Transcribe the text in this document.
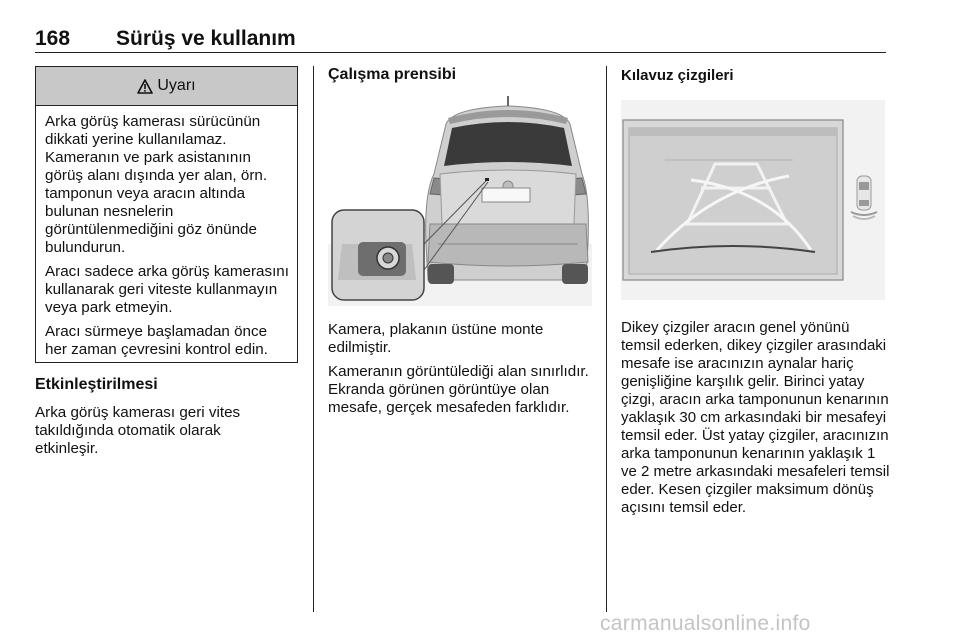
168 Sürüş ve kullanım
Uyarı

Arka görüş kamerası sürücünün dikkati yerine kullanılamaz. Kameranın ve park asistanının görüş alanı dışında yer alan, örn. tamponun veya aracın altında bulunan nesnelerin görüntülenmediğini göz önünde bulundurun.

Aracı sadece arka görüş kamerasını kullanarak geri viteste kullanmayın veya park etmeyin.

Aracı sürmeye başlamadan önce her zaman çevresini kontrol edin.

Etkinleştirilmesi

Arka görüş kamerası geri vites takıldığında otomatik olarak etkinleşir.

Çalışma prensibi

Kamera, plakanın üstüne monte edilmiştir.

Kameranın görüntülediği alan sınırlıdır. Ekranda görünen görüntüye olan mesafe, gerçek mesafeden farklıdır.

Kılavuz çizgileri

Dikey çizgiler aracın genel yönünü temsil ederken, dikey çizgiler arasındaki mesafe ise aracınızın aynalar hariç genişliğine karşılık gelir. Birinci yatay çizgi, aracın arka tamponunun kenarının yaklaşık 30 cm arkasındaki bir mesafeyi temsil eder. Üst yatay çizgiler, aracınızın arka tamponunun kenarının yaklaşık 1 ve 2 metre arkasındaki mesafeleri temsil eder. Kesen çizgiler maksimum dönüş açısını temsil eder.

carmanualsonline.info
